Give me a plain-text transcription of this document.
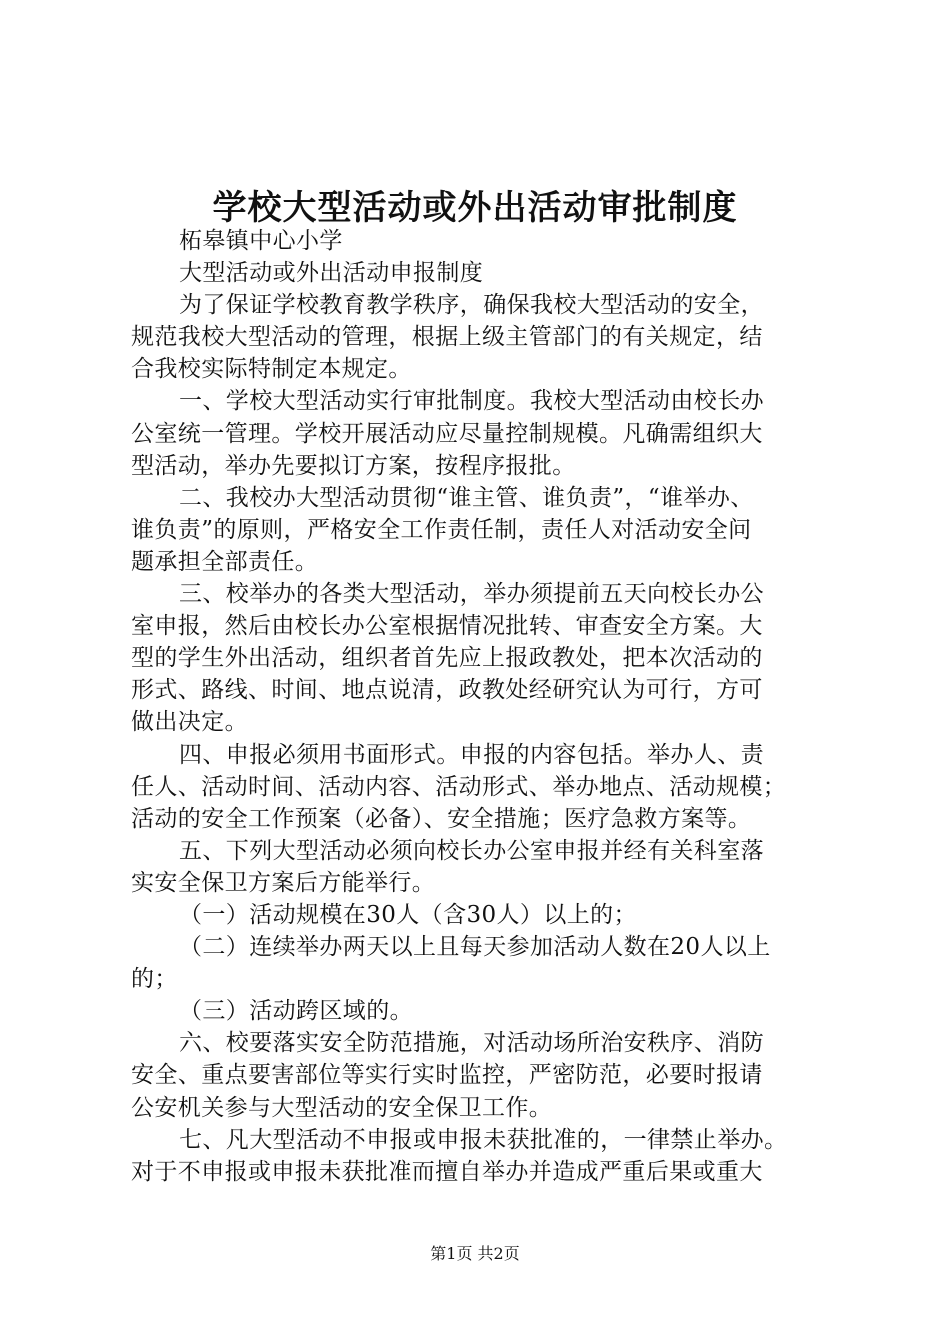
学校大型活动或外出活动审批制度
柘皋镇中心小学
大型活动或外出活动申报制度
为了保证学校教育教学秩序，确保我校大型活动的安全，
规范我校大型活动的管理，根据上级主管部门的有关规定，结
合我校实际特制定本规定。
一、学校大型活动实行审批制度。我校大型活动由校长办
公室统一管理。学校开展活动应尽量控制规模。凡确需组织大
型活动，举办先要拟订方案，按程序报批。
二、我校办大型活动贯彻“谁主管、谁负责”，“谁举办、
谁负责”的原则，严格安全工作责任制，责任人对活动安全问
题承担全部责任。
三、校举办的各类大型活动，举办须提前五天向校长办公
室申报，然后由校长办公室根据情况批转、审查安全方案。大
型的学生外出活动，组织者首先应上报政教处，把本次活动的
形式、路线、时间、地点说清，政教处经研究认为可行，方可
做出决定。
四、申报必须用书面形式。申报的内容包括。举办人、责
任人、活动时间、活动内容、活动形式、举办地点、活动规模；
活动的安全工作预案（必备）、安全措施；医疗急救方案等。
五、下列大型活动必须向校长办公室申报并经有关科室落
实安全保卫方案后方能举行。
（一）活动规模在30人（含30人）以上的；
（二）连续举办两天以上且每天参加活动人数在20人以上
的；
（三）活动跨区域的。
六、校要落实安全防范措施，对活动场所治安秩序、消防
安全、重点要害部位等实行实时监控，严密防范，必要时报请
公安机关参与大型活动的安全保卫工作。
七、凡大型活动不申报或申报未获批准的，一律禁止举办。
对于不申报或申报未获批准而擅自举办并造成严重后果或重大
第1页 共2页
